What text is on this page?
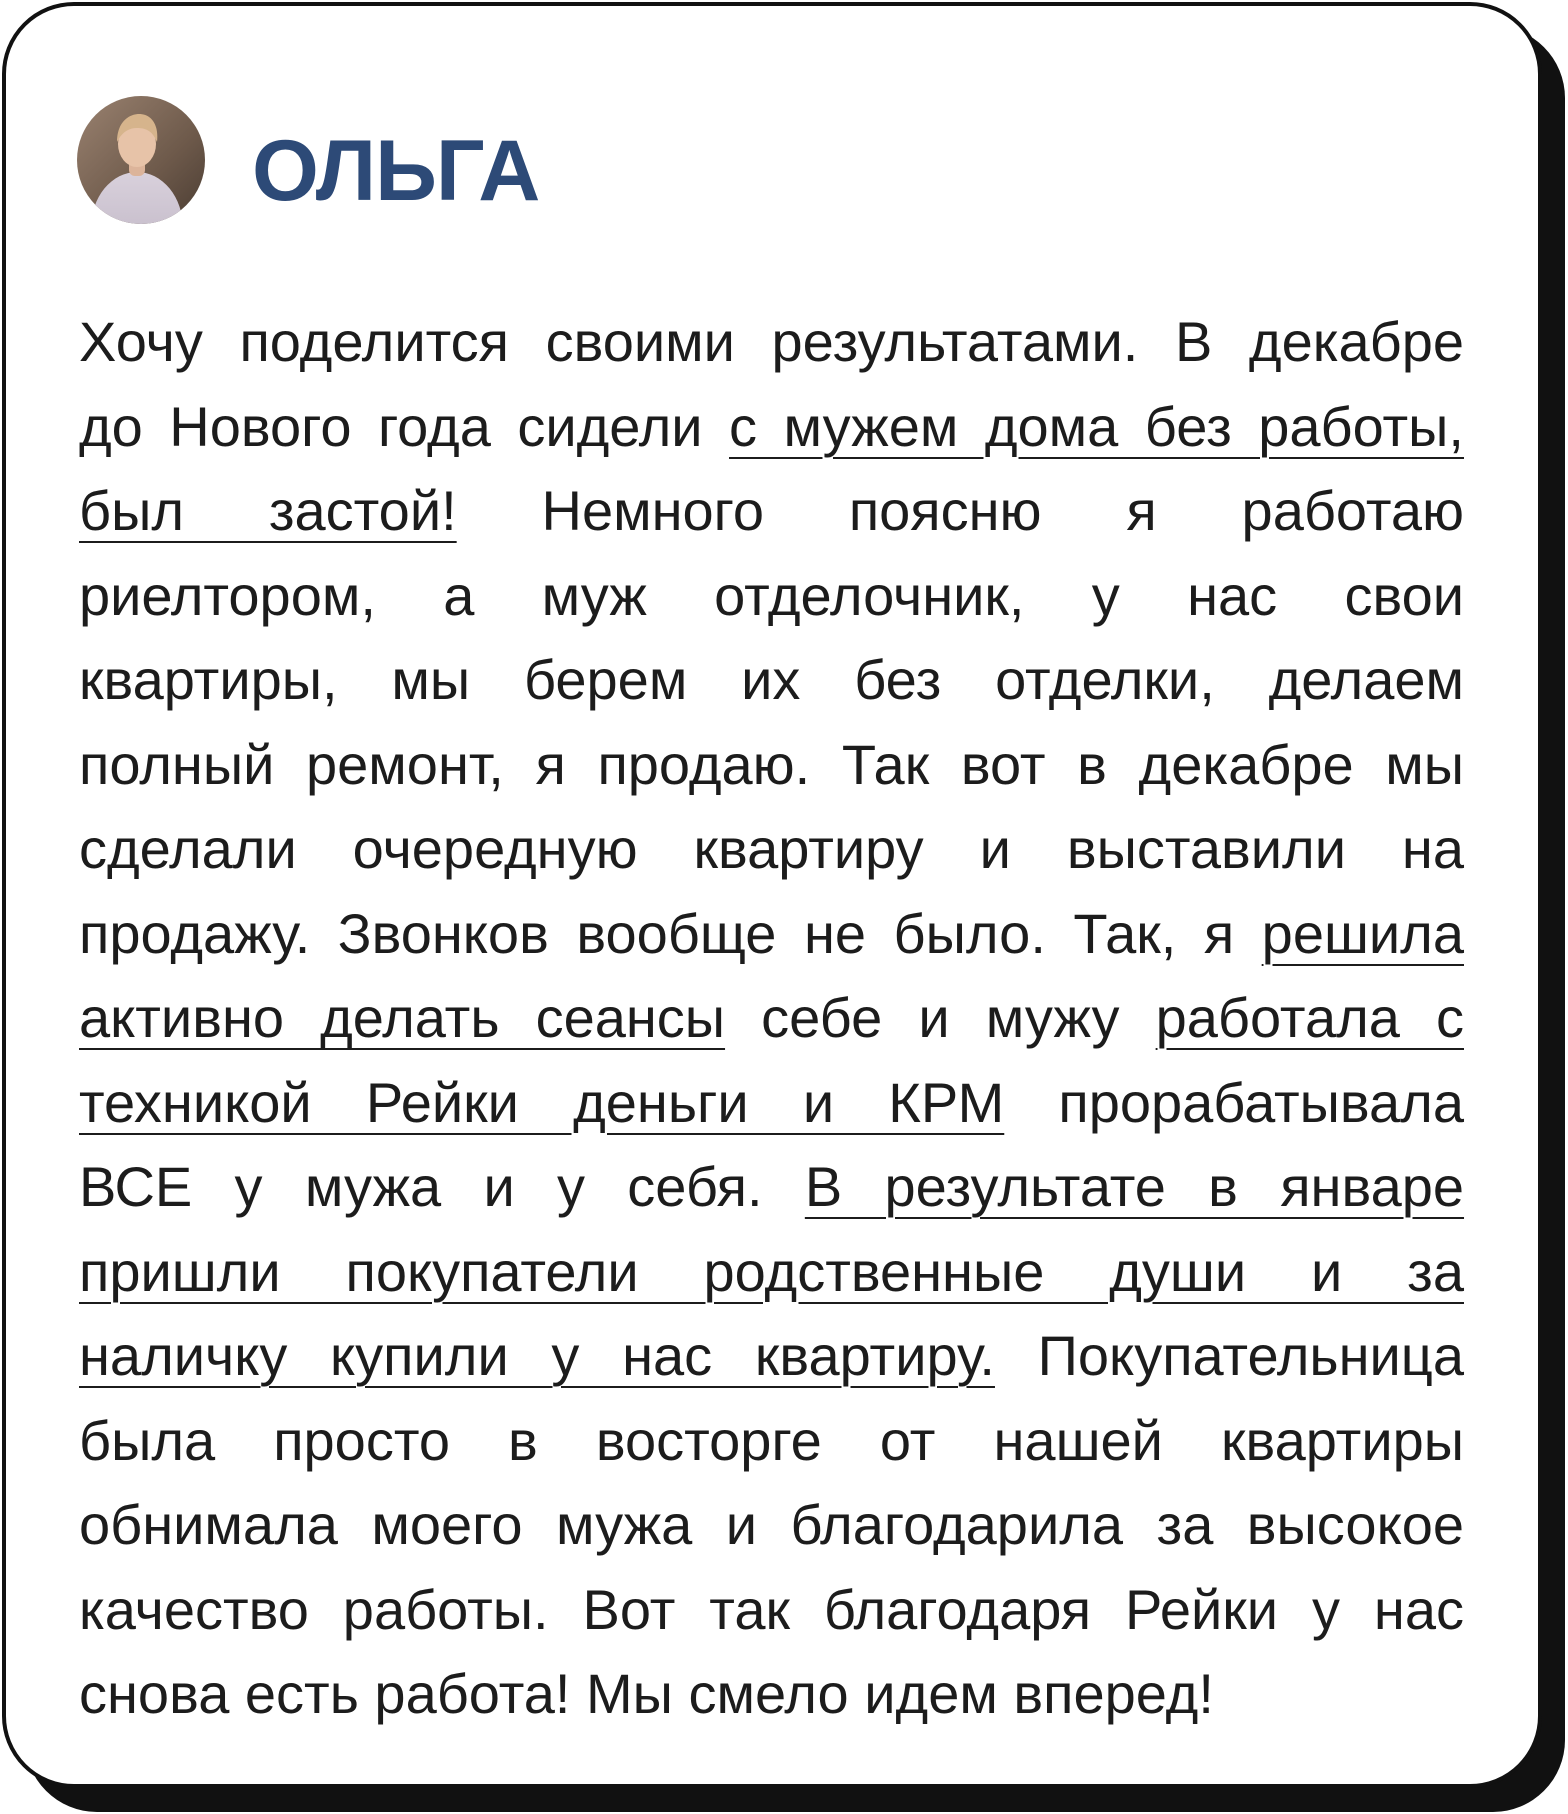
ОЛЬГА
Хочу поделится своими результатами. В декабре
до Нового года сидели с мужем дома без работы,
был застой! Немного поясню я работаю
риелтором, а муж отделочник, у нас свои
квартиры, мы берем их без отделки, делаем
полный ремонт, я продаю. Так вот в декабре мы
сделали очередную квартиру и выставили на
продажу. Звонков вообще не было. Так, я решила
активно делать сеансы себе и мужу работала с
техникой Рейки деньги и КРМ прорабатывала
ВСЕ у мужа и у себя. В результате в январе
пришли покупатели родственные души и за
наличку купили у нас квартиру. Покупательница
была просто в восторге от нашей квартиры
обнимала моего мужа и благодарила за высокое
качество работы. Вот так благодаря Рейки у нас
снова есть работа! Мы смело идем вперед!
